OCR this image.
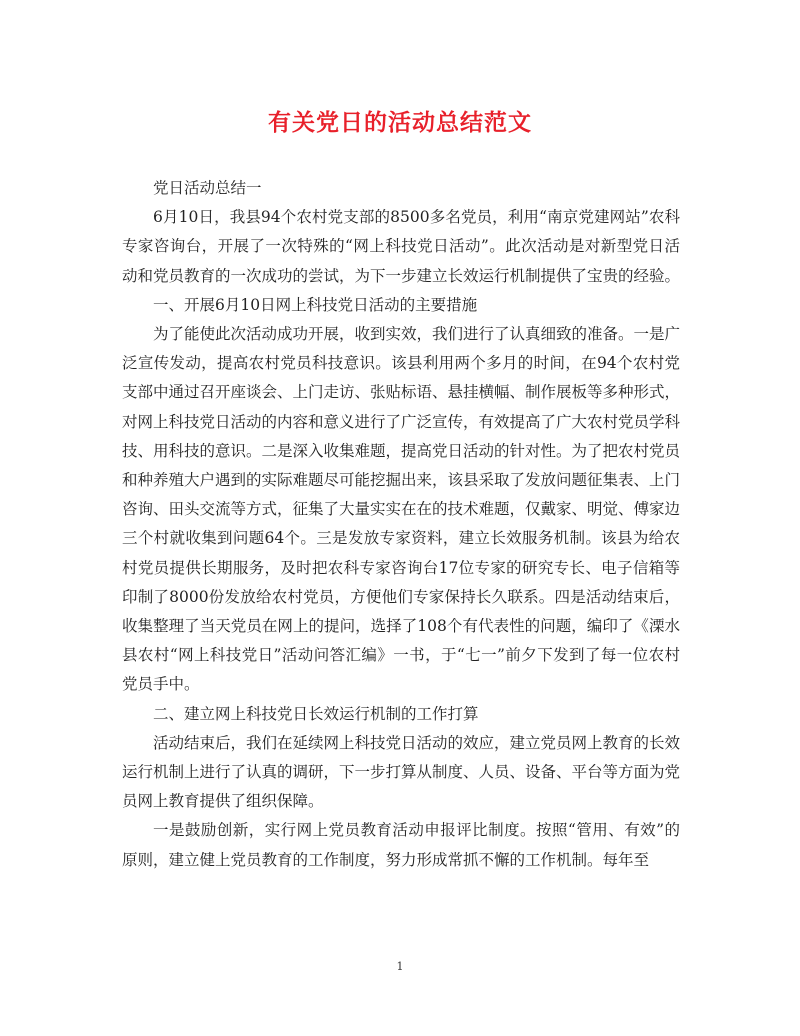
有关党日的活动总结范文

党日活动总结一

6月10日，我县94个农村党支部的8500多名党员，利用“南京党建网站”农科专家咨询台，开展了一次特殊的“网上科技党日活动”。此次活动是对新型党日活动和党员教育的一次成功的尝试，为下一步建立长效运行机制提供了宝贵的经验。

一、开展6月10日网上科技党日活动的主要措施

为了能使此次活动成功开展，收到实效，我们进行了认真细致的准备。一是广泛宣传发动，提高农村党员科技意识。该县利用两个多月的时间，在94个农村党支部中通过召开座谈会、上门走访、张贴标语、悬挂横幅、制作展板等多种形式，对网上科技党日活动的内容和意义进行了广泛宣传，有效提高了广大农村党员学科技、用科技的意识。二是深入收集难题，提高党日活动的针对性。为了把农村党员和种养殖大户遇到的实际难题尽可能挖掘出来，该县采取了发放问题征集表、上门咨询、田头交流等方式，征集了大量实实在在的技术难题，仅戴家、明觉、傅家边三个村就收集到问题64个。三是发放专家资料，建立长效服务机制。该县为给农村党员提供长期服务，及时把农科专家咨询台17位专家的研究专长、电子信箱等印制了8000份发放给农村党员，方便他们专家保持长久联系。四是活动结束后，收集整理了当天党员在网上的提问，选择了108个有代表性的问题，编印了《溧水县农村“网上科技党日”活动问答汇编》一书，于“七一”前夕下发到了每一位农村党员手中。

二、建立网上科技党日长效运行机制的工作打算

活动结束后，我们在延续网上科技党日活动的效应，建立党员网上教育的长效运行机制上进行了认真的调研，下一步打算从制度、人员、设备、平台等方面为党员网上教育提供了组织保障。

一是鼓励创新，实行网上党员教育活动申报评比制度。按照“管用、有效”的原则，建立健上党员教育的工作制度，努力形成常抓不懈的工作机制。每年至

1
